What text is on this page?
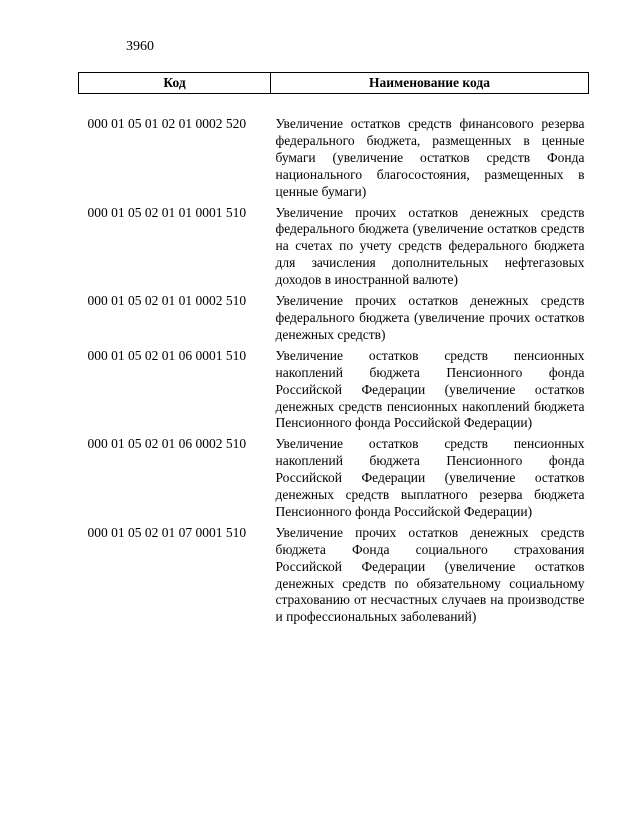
3960
Код	Наименование кода

000 01 05 01 02 01 0002 520	Увеличение остатков средств финансового резерва федерального бюджета, размещенных в ценные бумаги (увеличение остатков средств Фонда национального благосостояния, размещенных в ценные бумаги)
000 01 05 02 01 01 0001 510	Увеличение прочих остатков денежных средств федерального бюджета (увеличение остатков средств на счетах по учету средств федерального бюджета для зачисления дополнительных нефтегазовых доходов в иностранной валюте)
000 01 05 02 01 01 0002 510	Увеличение прочих остатков денежных средств федерального бюджета (увеличение прочих остатков денежных средств)
000 01 05 02 01 06 0001 510	Увеличение остатков средств пенсионных накоплений бюджета Пенсионного фонда Российской Федерации (увеличение остатков денежных средств пенсионных накоплений бюджета Пенсионного фонда Российской Федерации)
000 01 05 02 01 06 0002 510	Увеличение остатков средств пенсионных накоплений бюджета Пенсионного фонда Российской Федерации (увеличение остатков денежных средств выплатного резерва бюджета Пенсионного фонда Российской Федерации)
000 01 05 02 01 07 0001 510	Увеличение прочих остатков денежных средств бюджета Фонда социального страхования Российской Федерации (увеличение остатков денежных средств по обязательному социальному страхованию от несчастных случаев на производстве и профессиональных заболеваний)
